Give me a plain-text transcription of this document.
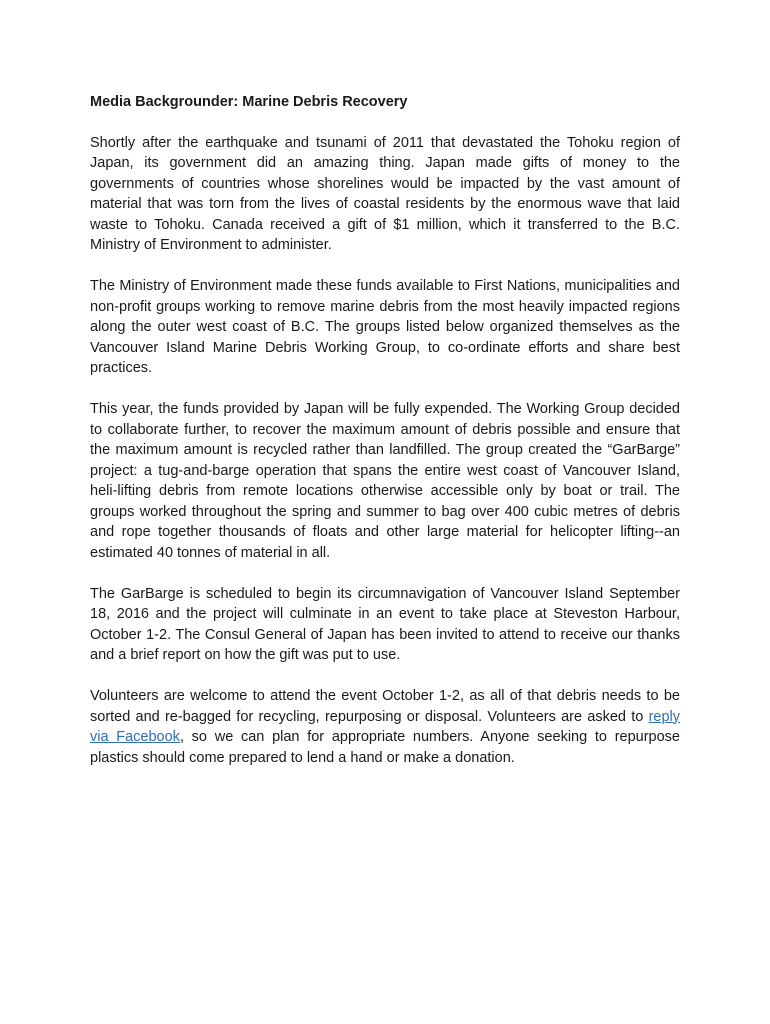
Media Backgrounder: Marine Debris Recovery

Shortly after the earthquake and tsunami of 2011 that devastated the Tohoku region of Japan, its government did an amazing thing. Japan made gifts of money to the governments of countries whose shorelines would be impacted by the vast amount of material that was torn from the lives of coastal residents by the enormous wave that laid waste to Tohoku. Canada received a gift of $1 million, which it transferred to the B.C. Ministry of Environment to administer.

The Ministry of Environment made these funds available to First Nations, municipalities and non-profit groups working to remove marine debris from the most heavily impacted regions along the outer west coast of B.C. The groups listed below organized themselves as the Vancouver Island Marine Debris Working Group, to co-ordinate efforts and share best practices.

This year, the funds provided by Japan will be fully expended. The Working Group decided to collaborate further, to recover the maximum amount of debris possible and ensure that the maximum amount is recycled rather than landfilled. The group created the “GarBarge” project: a tug-and-barge operation that spans the entire west coast of Vancouver Island, heli-lifting debris from remote locations otherwise accessible only by boat or trail. The groups worked throughout the spring and summer to bag over 400 cubic metres of debris and rope together thousands of floats and other large material for helicopter lifting--an estimated 40 tonnes of material in all.

The GarBarge is scheduled to begin its circumnavigation of Vancouver Island September 18, 2016 and the project will culminate in an event to take place at Steveston Harbour, October 1-2. The Consul General of Japan has been invited to attend to receive our thanks and a brief report on how the gift was put to use.

Volunteers are welcome to attend the event October 1-2, as all of that debris needs to be sorted and re-bagged for recycling, repurposing or disposal. Volunteers are asked to reply via Facebook, so we can plan for appropriate numbers. Anyone seeking to repurpose plastics should come prepared to lend a hand or make a donation.
